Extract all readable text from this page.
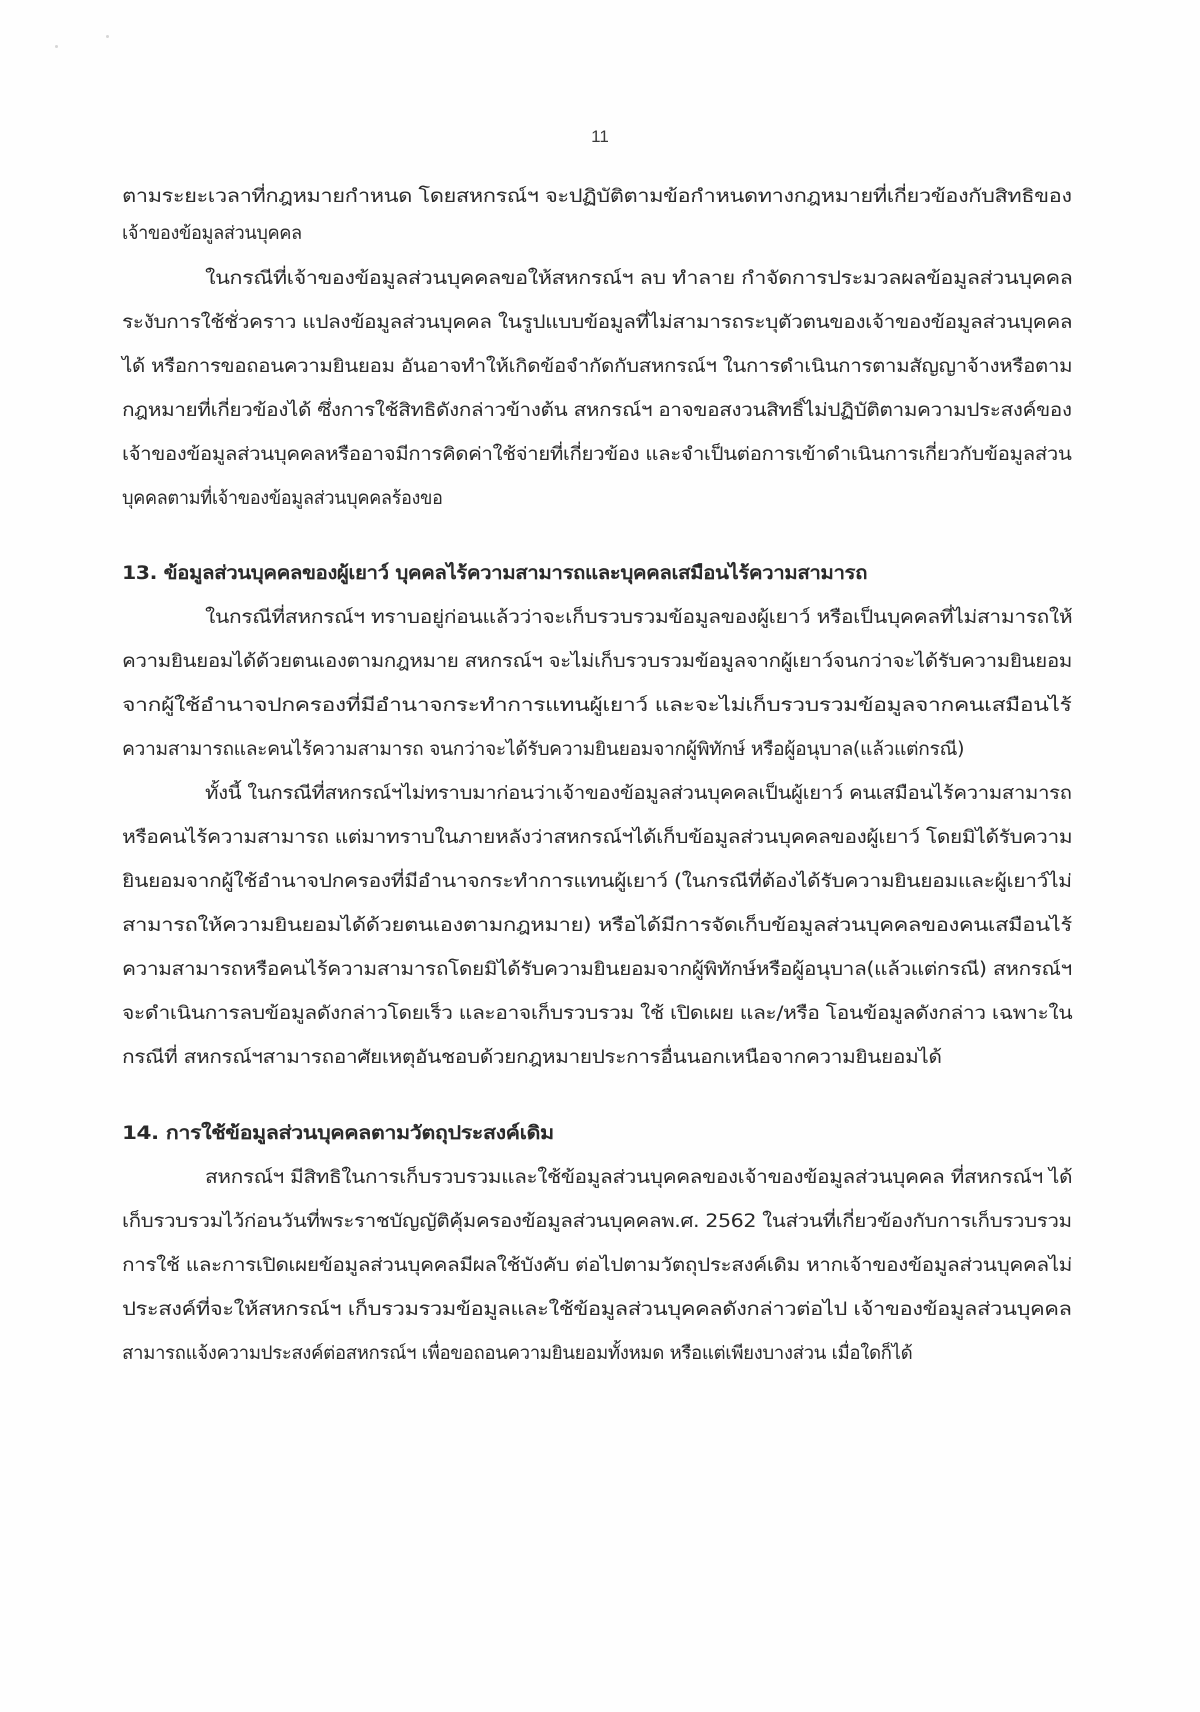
11
ตามระยะเวลาที่กฎหมายกำหนด โดยสหกรณ์ฯ จะปฏิบัติตามข้อกำหนดทางกฎหมายที่เกี่ยวข้องกับสิทธิของ
เจ้าของข้อมูลส่วนบุคคล
ในกรณีที่เจ้าของข้อมูลส่วนบุคคลขอให้สหกรณ์ฯ ลบ ทำลาย กำจัดการประมวลผลข้อมูลส่วนบุคคล
ระงับการใช้ชั่วคราว แปลงข้อมูลส่วนบุคคล ในรูปแบบข้อมูลที่ไม่สามารถระบุตัวตนของเจ้าของข้อมูลส่วนบุคคล
ได้ หรือการขอถอนความยินยอม อันอาจทำให้เกิดข้อจำกัดกับสหกรณ์ฯ ในการดำเนินการตามสัญญาจ้างหรือตาม
กฎหมายที่เกี่ยวข้องได้ ซึ่งการใช้สิทธิดังกล่าวข้างต้น สหกรณ์ฯ อาจขอสงวนสิทธิ์ไม่ปฏิบัติตามความประสงค์ของ
เจ้าของข้อมูลส่วนบุคคลหรืออาจมีการคิดค่าใช้จ่ายที่เกี่ยวข้อง และจำเป็นต่อการเข้าดำเนินการเกี่ยวกับข้อมูลส่วน
บุคคลตามที่เจ้าของข้อมูลส่วนบุคคลร้องขอ
13. ข้อมูลส่วนบุคคลของผู้เยาว์ บุคคลไร้ความสามารถและบุคคลเสมือนไร้ความสามารถ
ในกรณีที่สหกรณ์ฯ ทราบอยู่ก่อนแล้วว่าจะเก็บรวบรวมข้อมูลของผู้เยาว์ หรือเป็นบุคคลที่ไม่สามารถให้
ความยินยอมได้ด้วยตนเองตามกฎหมาย สหกรณ์ฯ จะไม่เก็บรวบรวมข้อมูลจากผู้เยาว์จนกว่าจะได้รับความยินยอม
จากผู้ใช้อำนาจปกครองที่มีอำนาจกระทำการแทนผู้เยาว์ และจะไม่เก็บรวบรวมข้อมูลจากคนเสมือนไร้
ความสามารถและคนไร้ความสามารถ จนกว่าจะได้รับความยินยอมจากผู้พิทักษ์ หรือผู้อนุบาล(แล้วแต่กรณี)
ทั้งนี้ ในกรณีที่สหกรณ์ฯไม่ทราบมาก่อนว่าเจ้าของข้อมูลส่วนบุคคลเป็นผู้เยาว์ คนเสมือนไร้ความสามารถ
หรือคนไร้ความสามารถ แต่มาทราบในภายหลังว่าสหกรณ์ฯได้เก็บข้อมูลส่วนบุคคลของผู้เยาว์ โดยมิได้รับความ
ยินยอมจากผู้ใช้อำนาจปกครองที่มีอำนาจกระทำการแทนผู้เยาว์ (ในกรณีที่ต้องได้รับความยินยอมและผู้เยาว์ไม่
สามารถให้ความยินยอมได้ด้วยตนเองตามกฎหมาย) หรือได้มีการจัดเก็บข้อมูลส่วนบุคคลของคนเสมือนไร้
ความสามารถหรือคนไร้ความสามารถโดยมิได้รับความยินยอมจากผู้พิทักษ์หรือผู้อนุบาล(แล้วแต่กรณี) สหกรณ์ฯ
จะดำเนินการลบข้อมูลดังกล่าวโดยเร็ว และอาจเก็บรวบรวม ใช้ เปิดเผย และ/หรือ โอนข้อมูลดังกล่าว เฉพาะใน
กรณีที่ สหกรณ์ฯสามารถอาศัยเหตุอันชอบด้วยกฎหมายประการอื่นนอกเหนือจากความยินยอมได้
14. การใช้ข้อมูลส่วนบุคคลตามวัตถุประสงค์เดิม
สหกรณ์ฯ มีสิทธิในการเก็บรวบรวมและใช้ข้อมูลส่วนบุคคลของเจ้าของข้อมูลส่วนบุคคล ที่สหกรณ์ฯ ได้
เก็บรวบรวมไว้ก่อนวันที่พระราชบัญญัติคุ้มครองข้อมูลส่วนบุคคลพ.ศ. 2562 ในส่วนที่เกี่ยวข้องกับการเก็บรวบรวม
การใช้ และการเปิดเผยข้อมูลส่วนบุคคลมีผลใช้บังคับ ต่อไปตามวัตถุประสงค์เดิม หากเจ้าของข้อมูลส่วนบุคคลไม่
ประสงค์ที่จะให้สหกรณ์ฯ เก็บรวมรวมข้อมูลและใช้ข้อมูลส่วนบุคคลดังกล่าวต่อไป เจ้าของข้อมูลส่วนบุคคล
สามารถแจ้งความประสงค์ต่อสหกรณ์ฯ เพื่อขอถอนความยินยอมทั้งหมด หรือแต่เพียงบางส่วน เมื่อใดก็ได้
